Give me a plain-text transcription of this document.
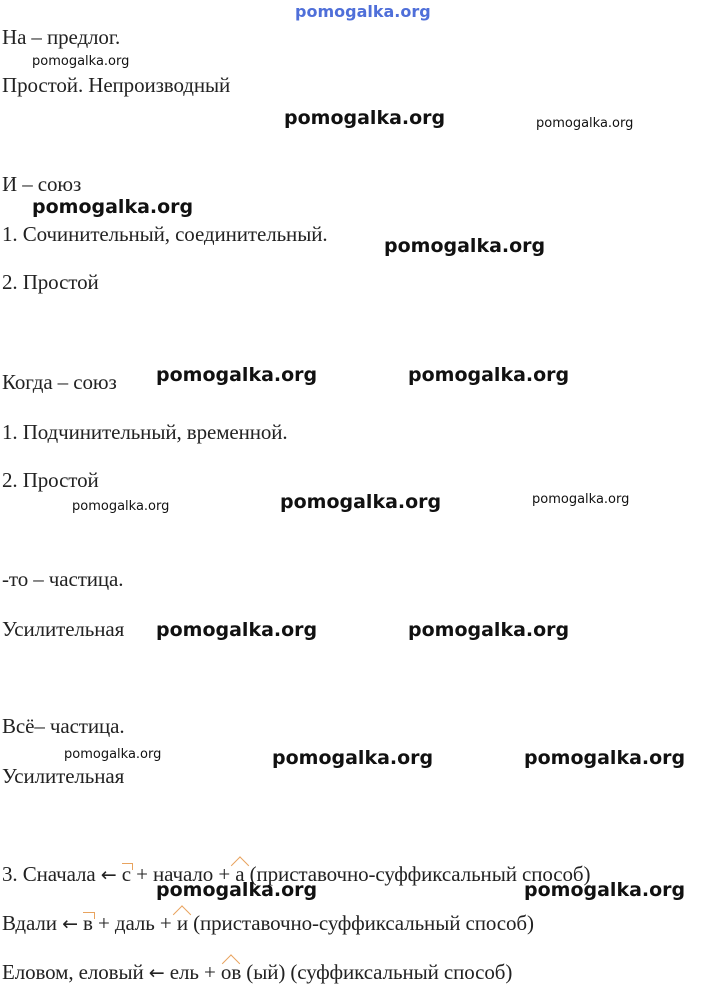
pomogalka.org
На – предлог.
Простой. Непроизводный
И – союз
1. Сочинительный, соединительный.
2. Простой
Когда – союз
1. Подчинительный, временной.
2. Простой
-то – частица.
Усилительная
Всё– частица.
Усилительная
3. Сначала ← с + начало + а (приставочно-суффиксальный способ)
Вдали ← в + даль + и (приставочно-суффиксальный способ)
Еловом, еловый ← ель + ов (ый) (суффиксальный способ)
pomogalka.org
pomogalka.org
pomogalka.org	pomogalka.org
pomogalka.org
pomogalka.org
pomogalka.org
pomogalka.org
pomogalka.org	pomogalka.org
pomogalka.org
pomogalka.org	pomogalka.org
pomogalka.org	pomogalka.org
pomogalka.org	pomogalka.org
